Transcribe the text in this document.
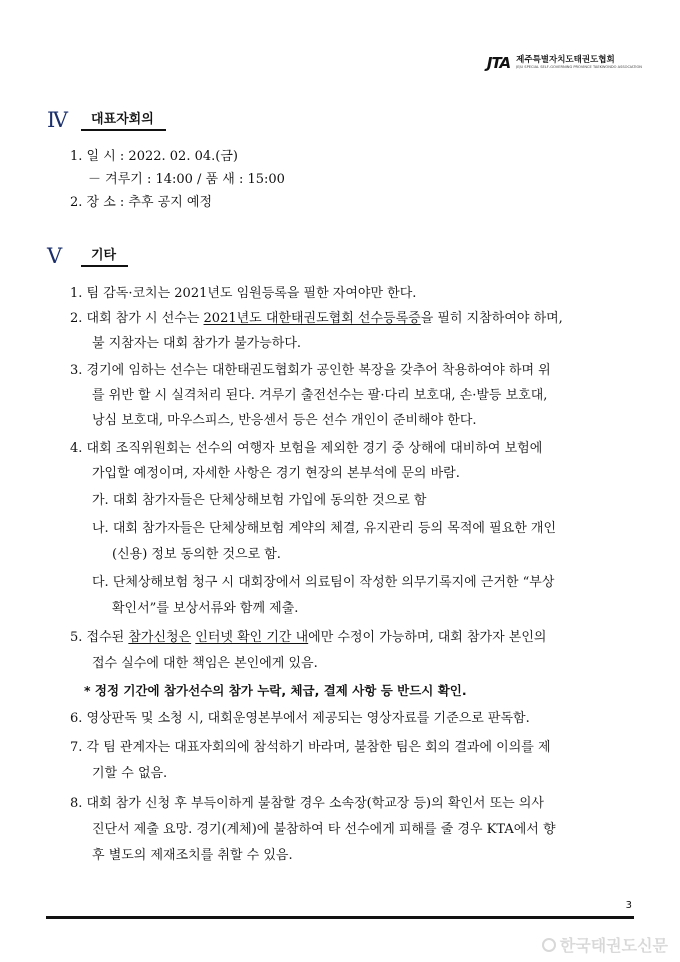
JTA 제주특별자치도태권도협회
JEJU SPECIAL SELF-GOVERNING PROVINCE TAEKWONDO ASSOCIATION
Ⅳ	대표자회의
1. 일 시 : 2022. 02. 04.(금)
－ 겨루기 : 14:00 / 품 새 : 15:00
2. 장 소 : 추후 공지 예정
Ⅴ	기타
1. 팀 감독·코치는 2021년도 임원등록을 필한 자여야만 한다.
2. 대회 참가 시 선수는 2021년도 대한태권도협회 선수등록증을 필히 지참하여야 하며,
불 지참자는 대회 참가가 불가능하다.
3. 경기에 임하는 선수는 대한태권도협회가 공인한 복장을 갖추어 착용하여야 하며 위
를 위반 할 시 실격처리 된다. 겨루기 출전선수는 팔·다리 보호대, 손·발등 보호대,
낭심 보호대, 마우스피스, 반응센서 등은 선수 개인이 준비해야 한다.
4. 대회 조직위원회는 선수의 여행자 보험을 제외한 경기 중 상해에 대비하여 보험에
가입할 예정이며, 자세한 사항은 경기 현장의 본부석에 문의 바람.
가. 대회 참가자들은 단체상해보험 가입에 동의한 것으로 함
나. 대회 참가자들은 단체상해보험 계약의 체결, 유지관리 등의 목적에 필요한 개인
(신용) 정보 동의한 것으로 함.
다. 단체상해보험 청구 시 대회장에서 의료팀이 작성한 의무기록지에 근거한 “부상
확인서”를 보상서류와 함께 제출.
5. 접수된 참가신청은 인터넷 확인 기간 내에만 수정이 가능하며, 대회 참가자 본인의
접수 실수에 대한 책임은 본인에게 있음.
* 정정 기간에 참가선수의 참가 누락, 체급, 결제 사항 등 반드시 확인.
6. 영상판독 및 소청 시, 대회운영본부에서 제공되는 영상자료를 기준으로 판독함.
7. 각 팀 관계자는 대표자회의에 참석하기 바라며, 불참한 팀은 회의 결과에 이의를 제
기할 수 없음.
8. 대회 참가 신청 후 부득이하게 불참할 경우 소속장(학교장 등)의 확인서 또는 의사
진단서 제출 요망. 경기(계체)에 불참하여 타 선수에게 피해를 줄 경우 KTA에서 향
후 별도의 제재조치를 취할 수 있음.
3
한국태권도신문
